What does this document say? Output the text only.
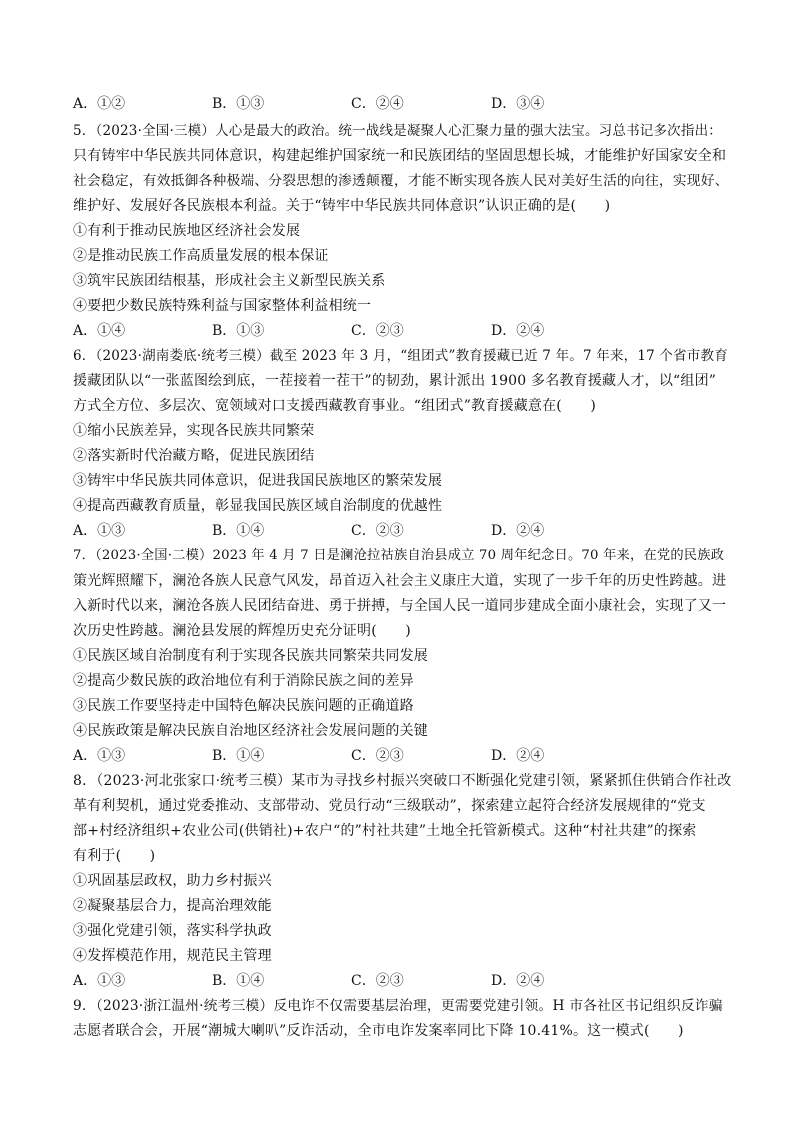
A．①②	B．①③	C．②④	D．③④
5．（2023·全国·三模）人心是最大的政治。统一战线是凝聚人心汇聚力量的强大法宝。习总书记多次指出：
只有铸牢中华民族共同体意识，构建起维护国家统一和民族团结的坚固思想长城，才能维护好国家安全和
社会稳定，有效抵御各种极端、分裂思想的渗透颠覆，才能不断实现各族人民对美好生活的向往，实现好、
维护好、发展好各民族根本利益。关于“铸牢中华民族共同体意识”认识正确的是(　　)
①有利于推动民族地区经济社会发展
②是推动民族工作高质量发展的根本保证
③筑牢民族团结根基，形成社会主义新型民族关系
④要把少数民族特殊利益与国家整体利益相统一
A．①④	B．①③	C．②③	D．②④
6．（2023·湖南娄底·统考三模）截至 2023 年 3 月，“组团式”教育援藏已近 7 年。7 年来，17 个省市教育
援藏团队以“一张蓝图绘到底，一茬接着一茬干”的韧劲，累计派出 1900 多名教育援藏人才，以“组团”
方式全方位、多层次、宽领域对口支援西藏教育事业。“组团式”教育援藏意在(　　)
①缩小民族差异，实现各民族共同繁荣
②落实新时代治藏方略，促进民族团结
③铸牢中华民族共同体意识，促进我国民族地区的繁荣发展
④提高西藏教育质量，彰显我国民族区域自治制度的优越性
A．①③	B．①④	C．②③	D．②④
7．（2023·全国·二模）2023 年 4 月 7 日是澜沧拉祜族自治县成立 70 周年纪念日。70 年来，在党的民族政
策光辉照耀下，澜沧各族人民意气风发，昂首迈入社会主义康庄大道，实现了一步千年的历史性跨越。进
入新时代以来，澜沧各族人民团结奋进、勇于拼搏，与全国人民一道同步建成全面小康社会，实现了又一
次历史性跨越。澜沧县发展的辉煌历史充分证明(　　)
①民族区域自治制度有利于实现各民族共同繁荣共同发展
②提高少数民族的政治地位有利于消除民族之间的差异
③民族工作要坚持走中国特色解决民族问题的正确道路
④民族政策是解决民族自治地区经济社会发展问题的关键
A．①③	B．①④	C．②③	D．②④
8．（2023·河北张家口·统考三模）某市为寻找乡村振兴突破口不断强化党建引领，紧紧抓住供销合作社改
革有利契机，通过党委推动、支部带动、党员行动“三级联动”，探索建立起符合经济发展规律的“党支
部+村经济组织+农业公司(供销社)+农户“的”村社共建”土地全托管新模式。这种“村社共建”的探索
有利于(　　)
①巩固基层政权，助力乡村振兴
②凝聚基层合力，提高治理效能
③强化党建引领，落实科学执政
④发挥模范作用，规范民主管理
A．①③	B．①④	C．②③	D．②④
9．（2023·浙江温州·统考三模）反电诈不仅需要基层治理，更需要党建引领。H 市各社区书记组织反诈骗
志愿者联合会，开展“潮城大喇叭”反诈活动，全市电诈发案率同比下降 10.41%。这一模式(　　)
